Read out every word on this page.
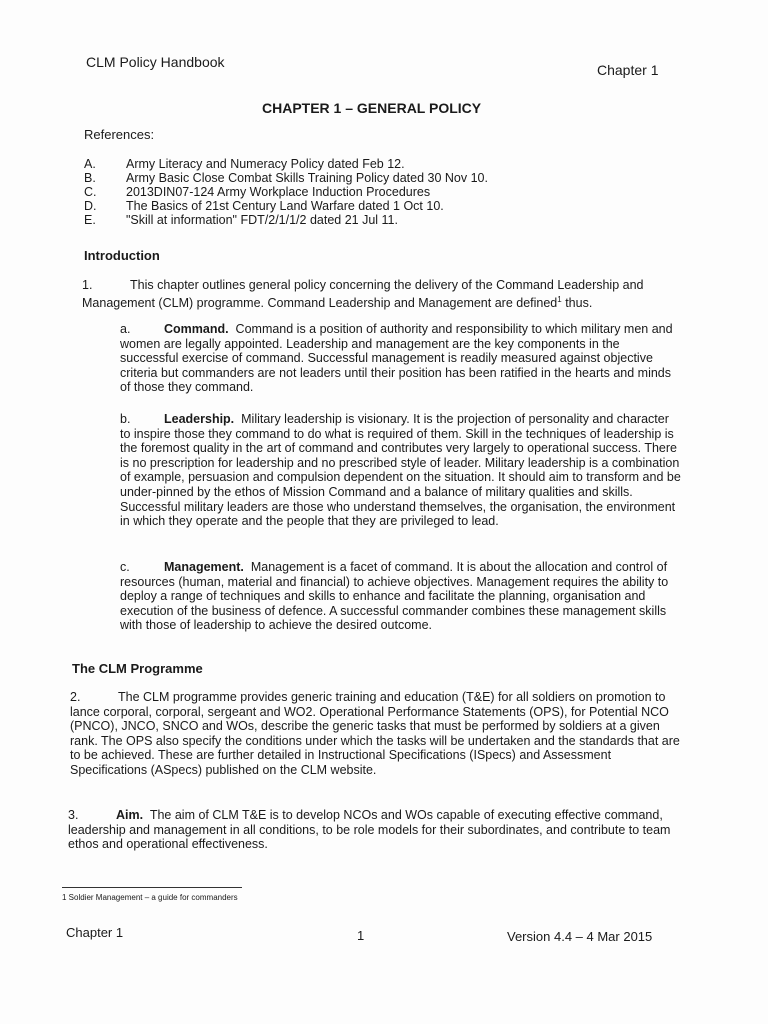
CLM Policy Handbook	Chapter 1
CHAPTER 1 – GENERAL POLICY
References:
A.	Army Literacy and Numeracy Policy dated Feb 12.
B.	Army Basic Close Combat Skills Training Policy dated 30 Nov 10.
C.	2013DIN07-124 Army Workplace Induction Procedures
D.	The Basics of 21st Century Land Warfare dated 1 Oct 10.
E.	"Skill at information" FDT/2/1/1/2 dated 21 Jul 11.
Introduction
1.	This chapter outlines general policy concerning the delivery of the Command Leadership and Management (CLM) programme. Command Leadership and Management are defined$^1$ thus.
a.	Command. Command is a position of authority and responsibility to which military men and women are legally appointed. Leadership and management are the key components in the successful exercise of command. Successful management is readily measured against objective criteria but commanders are not leaders until their position has been ratified in the hearts and minds of those they command.
b.	Leadership. Military leadership is visionary. It is the projection of personality and character to inspire those they command to do what is required of them. Skill in the techniques of leadership is the foremost quality in the art of command and contributes very largely to operational success. There is no prescription for leadership and no prescribed style of leader. Military leadership is a combination of example, persuasion and compulsion dependent on the situation. It should aim to transform and be under-pinned by the ethos of Mission Command and a balance of military qualities and skills. Successful military leaders are those who understand themselves, the organisation, the environment in which they operate and the people that they are privileged to lead.
c.	Management. Management is a facet of command. It is about the allocation and control of resources (human, material and financial) to achieve objectives. Management requires the ability to deploy a range of techniques and skills to enhance and facilitate the planning, organisation and execution of the business of defence. A successful commander combines these management skills with those of leadership to achieve the desired outcome.
The CLM Programme
2.	The CLM programme provides generic training and education (T&E) for all soldiers on promotion to lance corporal, corporal, sergeant and WO2. Operational Performance Statements (OPS), for Potential NCO (PNCO), JNCO, SNCO and WOs, describe the generic tasks that must be performed by soldiers at a given rank. The OPS also specify the conditions under which the tasks will be undertaken and the standards that are to be achieved. These are further detailed in Instructional Specifications (ISpecs) and Assessment Specifications (ASpecs) published on the CLM website.
3.	Aim. The aim of CLM T&E is to develop NCOs and WOs capable of executing effective command, leadership and management in all conditions, to be role models for their subordinates, and contribute to team ethos and operational effectiveness.
1 Soldier Management – a guide for commanders
Chapter 1	1	Version 4.4 – 4 Mar 2015
